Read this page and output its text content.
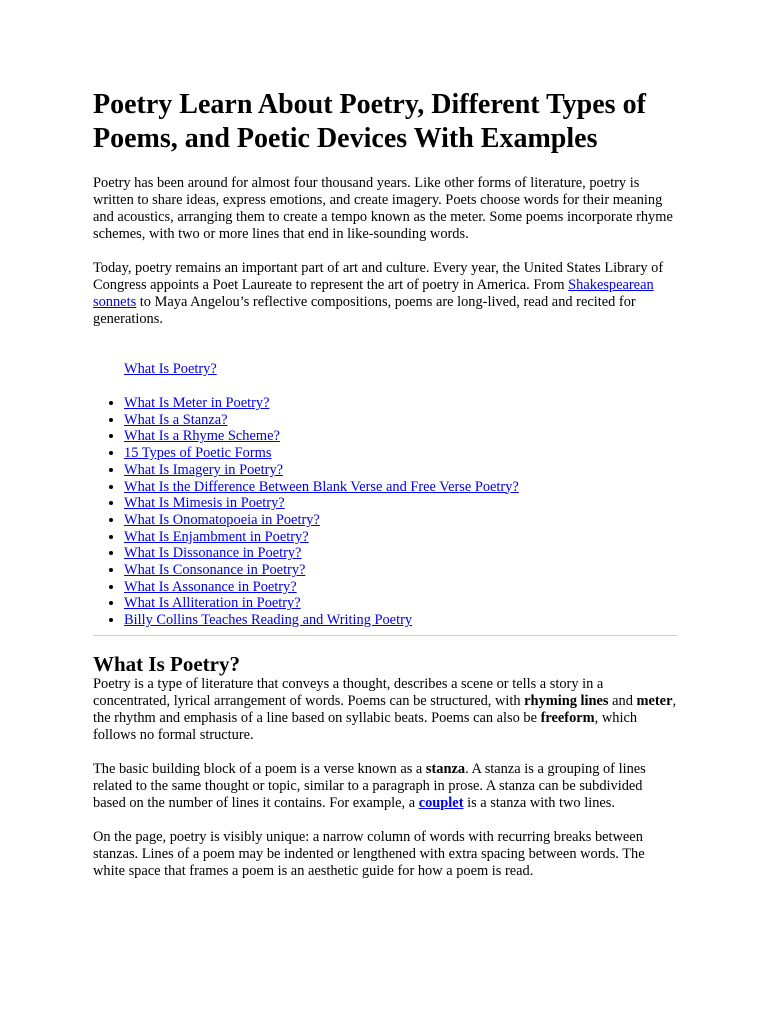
Poetry Learn About Poetry, Different Types of Poems, and Poetic Devices With Examples

Poetry has been around for almost four thousand years. Like other forms of literature, poetry is written to share ideas, express emotions, and create imagery. Poets choose words for their meaning and acoustics, arranging them to create a tempo known as the meter. Some poems incorporate rhyme schemes, with two or more lines that end in like-sounding words.

Today, poetry remains an important part of art and culture. Every year, the United States Library of Congress appoints a Poet Laureate to represent the art of poetry in America. From Shakespearean sonnets to Maya Angelou’s reflective compositions, poems are long-lived, read and recited for generations.

What Is Poetry?
• What Is Meter in Poetry?
• What Is a Stanza?
• What Is a Rhyme Scheme?
• 15 Types of Poetic Forms
• What Is Imagery in Poetry?
• What Is the Difference Between Blank Verse and Free Verse Poetry?
• What Is Mimesis in Poetry?
• What Is Onomatopoeia in Poetry?
• What Is Enjambment in Poetry?
• What Is Dissonance in Poetry?
• What Is Consonance in Poetry?
• What Is Assonance in Poetry?
• What Is Alliteration in Poetry?
• Billy Collins Teaches Reading and Writing Poetry
What Is Poetry?

Poetry is a type of literature that conveys a thought, describes a scene or tells a story in a concentrated, lyrical arrangement of words. Poems can be structured, with rhyming lines and meter, the rhythm and emphasis of a line based on syllabic beats. Poems can also be freeform, which follows no formal structure.

The basic building block of a poem is a verse known as a stanza. A stanza is a grouping of lines related to the same thought or topic, similar to a paragraph in prose. A stanza can be subdivided based on the number of lines it contains. For example, a couplet is a stanza with two lines.

On the page, poetry is visibly unique: a narrow column of words with recurring breaks between stanzas. Lines of a poem may be indented or lengthened with extra spacing between words. The white space that frames a poem is an aesthetic guide for how a poem is read.
